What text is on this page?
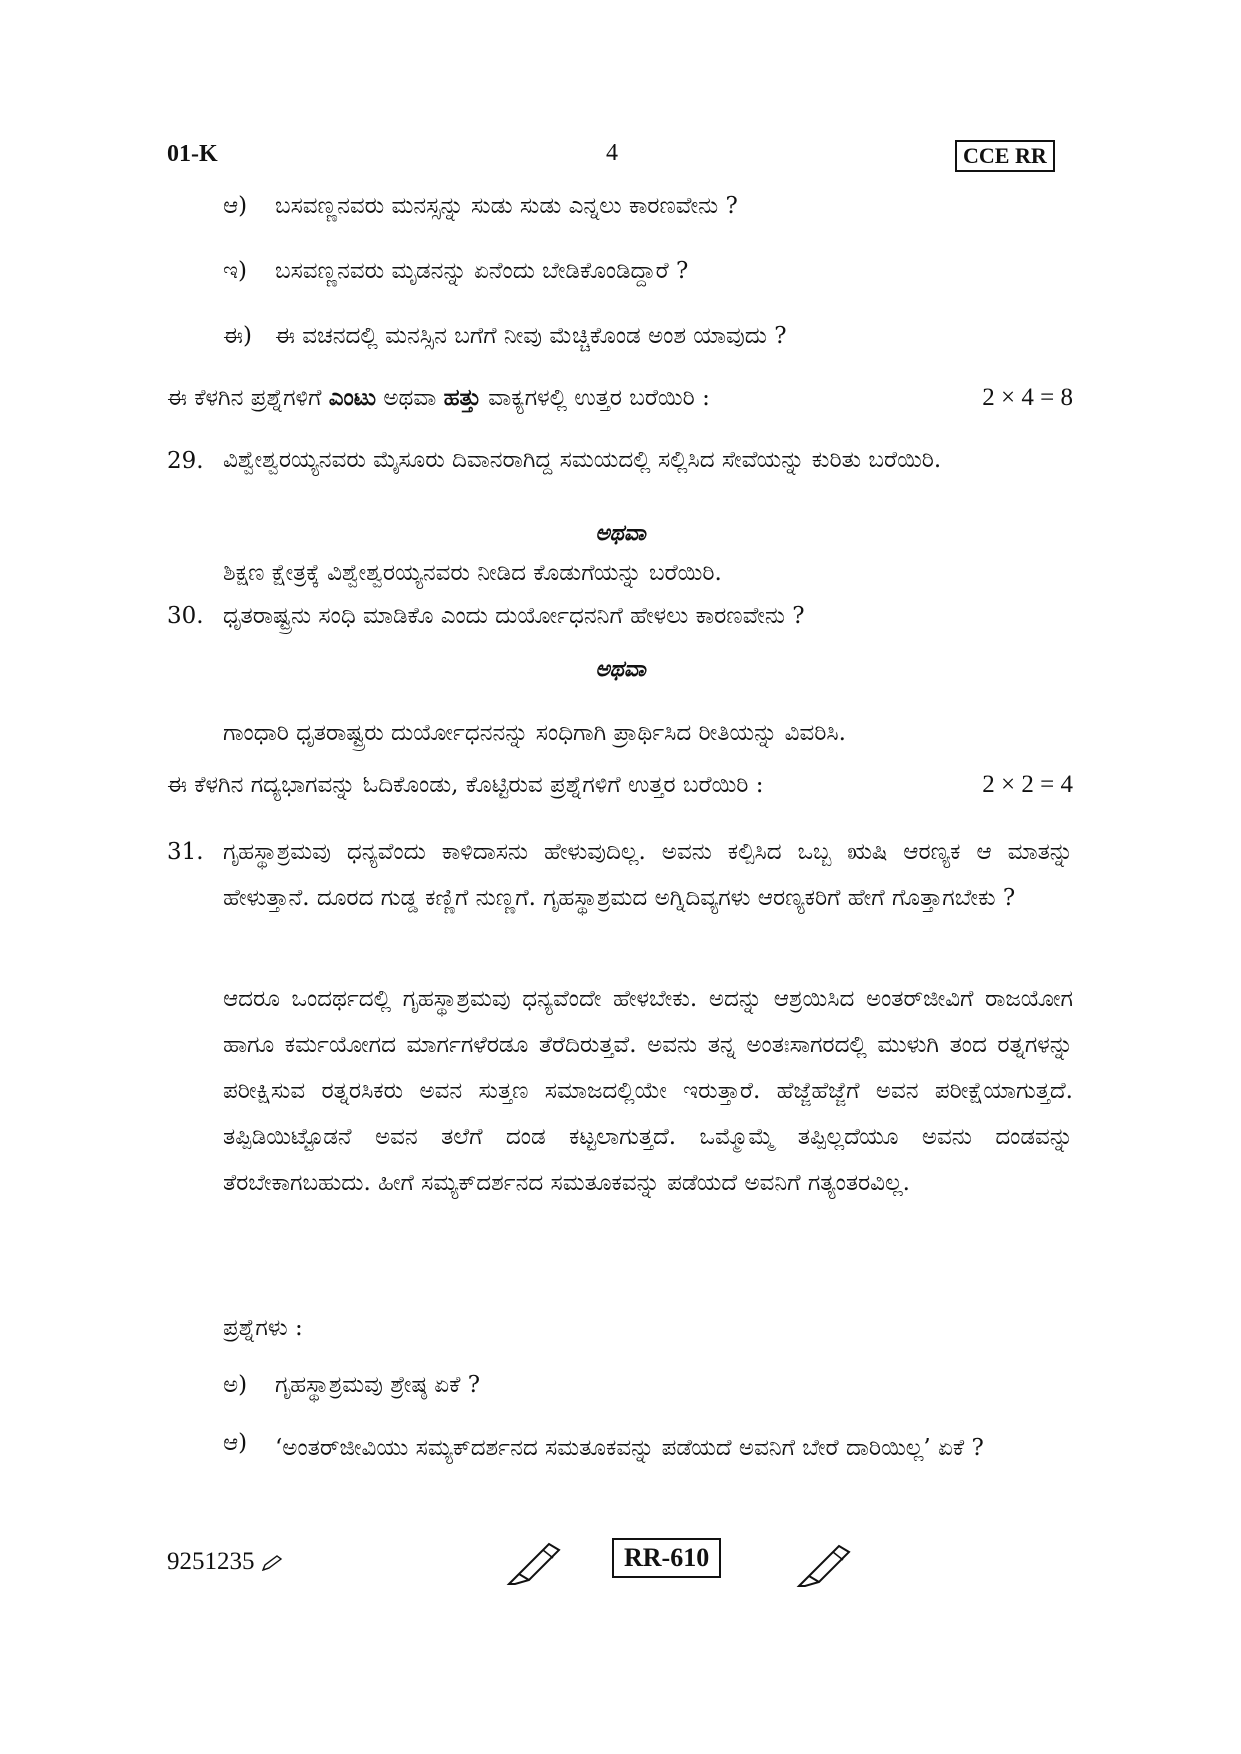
01-K	4	CCE RR
ಆ) ಬಸವಣ್ಣನವರು ಮನಸ್ಸನ್ನು ಸುಡು ಸುಡು ಎನ್ನಲು ಕಾರಣವೇನು ?
ಇ) ಬಸವಣ್ಣನವರು ಮೃಡನನ್ನು ಏನೆಂದು ಬೇಡಿಕೊಂಡಿದ್ದಾರೆ ?
ಈ) ಈ ವಚನದಲ್ಲಿ ಮನಸ್ಸಿನ ಬಗೆಗೆ ನೀವು ಮೆಚ್ಚಿಕೊಂಡ ಅಂಶ ಯಾವುದು ?
ಈ ಕೆಳಗಿನ ಪ್ರಶ್ನೆಗಳಿಗೆ ಎಂಟು ಅಥವಾ ಹತ್ತು ವಾಕ್ಯಗಳಲ್ಲಿ ಉತ್ತರ ಬರೆಯಿರಿ :	2 × 4 = 8
29. ವಿಶ್ವೇಶ್ವರಯ್ಯನವರು ಮೈಸೂರು ದಿವಾನರಾಗಿದ್ದ ಸಮಯದಲ್ಲಿ ಸಲ್ಲಿಸಿದ ಸೇವೆಯನ್ನು ಕುರಿತು ಬರೆಯಿರಿ.
ಅಥವಾ
ಶಿಕ್ಷಣ ಕ್ಷೇತ್ರಕ್ಕೆ ವಿಶ್ವೇಶ್ವರಯ್ಯನವರು ನೀಡಿದ ಕೊಡುಗೆಯನ್ನು ಬರೆಯಿರಿ.
30. ಧೃತರಾಷ್ಟ್ರನು ಸಂಧಿ ಮಾಡಿಕೊ ಎಂದು ದುರ್ಯೋಧನನಿಗೆ ಹೇಳಲು ಕಾರಣವೇನು ?
ಅಥವಾ
ಗಾಂಧಾರಿ ಧೃತರಾಷ್ಟ್ರರು ದುರ್ಯೋಧನನನ್ನು ಸಂಧಿಗಾಗಿ ಪ್ರಾರ್ಥಿಸಿದ ರೀತಿಯನ್ನು ವಿವರಿಸಿ.
ಈ ಕೆಳಗಿನ ಗದ್ಯಭಾಗವನ್ನು ಓದಿಕೊಂಡು, ಕೊಟ್ಟಿರುವ ಪ್ರಶ್ನೆಗಳಿಗೆ ಉತ್ತರ ಬರೆಯಿರಿ :	2 × 2 = 4
31. ಗೃಹಸ್ಥಾಶ್ರಮವು ಧನ್ಯವೆಂದು ಕಾಳಿದಾಸನು ಹೇಳುವುದಿಲ್ಲ. ಅವನು ಕಲ್ಪಿಸಿದ ಒಬ್ಬ ಋಷಿ ಆರಣ್ಯಕ ಆ ಮಾತನ್ನು ಹೇಳುತ್ತಾನೆ. ದೂರದ ಗುಡ್ಡ ಕಣ್ಣಿಗೆ ನುಣ್ಣಗೆ. ಗೃಹಸ್ಥಾಶ್ರಮದ ಅಗ್ನಿದಿವ್ಯಗಳು ಆರಣ್ಯಕರಿಗೆ ಹೇಗೆ ಗೊತ್ತಾಗಬೇಕು ?
ಆದರೂ ಒಂದರ್ಥದಲ್ಲಿ ಗೃಹಸ್ಥಾಶ್ರಮವು ಧನ್ಯವೆಂದೇ ಹೇಳಬೇಕು. ಅದನ್ನು ಆಶ್ರಯಿಸಿದ ಅಂತರ್‌ಜೀವಿಗೆ ರಾಜಯೋಗ ಹಾಗೂ ಕರ್ಮಯೋಗದ ಮಾರ್ಗಗಳೆರಡೂ ತೆರೆದಿರುತ್ತವೆ. ಅವನು ತನ್ನ ಅಂತಃಸಾಗರದಲ್ಲಿ ಮುಳುಗಿ ತಂದ ರತ್ನಗಳನ್ನು ಪರೀಕ್ಷಿಸುವ ರತ್ನರಸಿಕರು ಅವನ ಸುತ್ತಣ ಸಮಾಜದಲ್ಲಿಯೇ ಇರುತ್ತಾರೆ. ಹೆಜ್ಜೆಹೆಜ್ಜೆಗೆ ಅವನ ಪರೀಕ್ಷೆಯಾಗುತ್ತದೆ. ತಪ್ಪಿಡಿಯಿಟ್ಟೊಡನೆ ಅವನ ತಲೆಗೆ ದಂಡ ಕಟ್ಟಲಾಗುತ್ತದೆ. ಒಮ್ಮೊಮ್ಮೆ ತಪ್ಪಿಲ್ಲದೆಯೂ ಅವನು ದಂಡವನ್ನು ತೆರಬೇಕಾಗಬಹುದು. ಹೀಗೆ ಸಮ್ಯಕ್‌ದರ್ಶನದ ಸಮತೂಕವನ್ನು ಪಡೆಯದೆ ಅವನಿಗೆ ಗತ್ಯಂತರವಿಲ್ಲ.
ಪ್ರಶ್ನೆಗಳು :
ಅ) ಗೃಹಸ್ಥಾಶ್ರಮವು ಶ್ರೇಷ್ಠ ಏಕೆ ?
ಆ)	‘ಅಂತರ್‌ಜೀವಿಯು ಸಮ್ಯಕ್‌ದರ್ಶನದ ಸಮತೂಕವನ್ನು ಪಡೆಯದೆ ಅವನಿಗೆ ಬೇರೆ ದಾರಿಯಿಲ್ಲ’ ಏಕೆ ?
9251235	RR-610
